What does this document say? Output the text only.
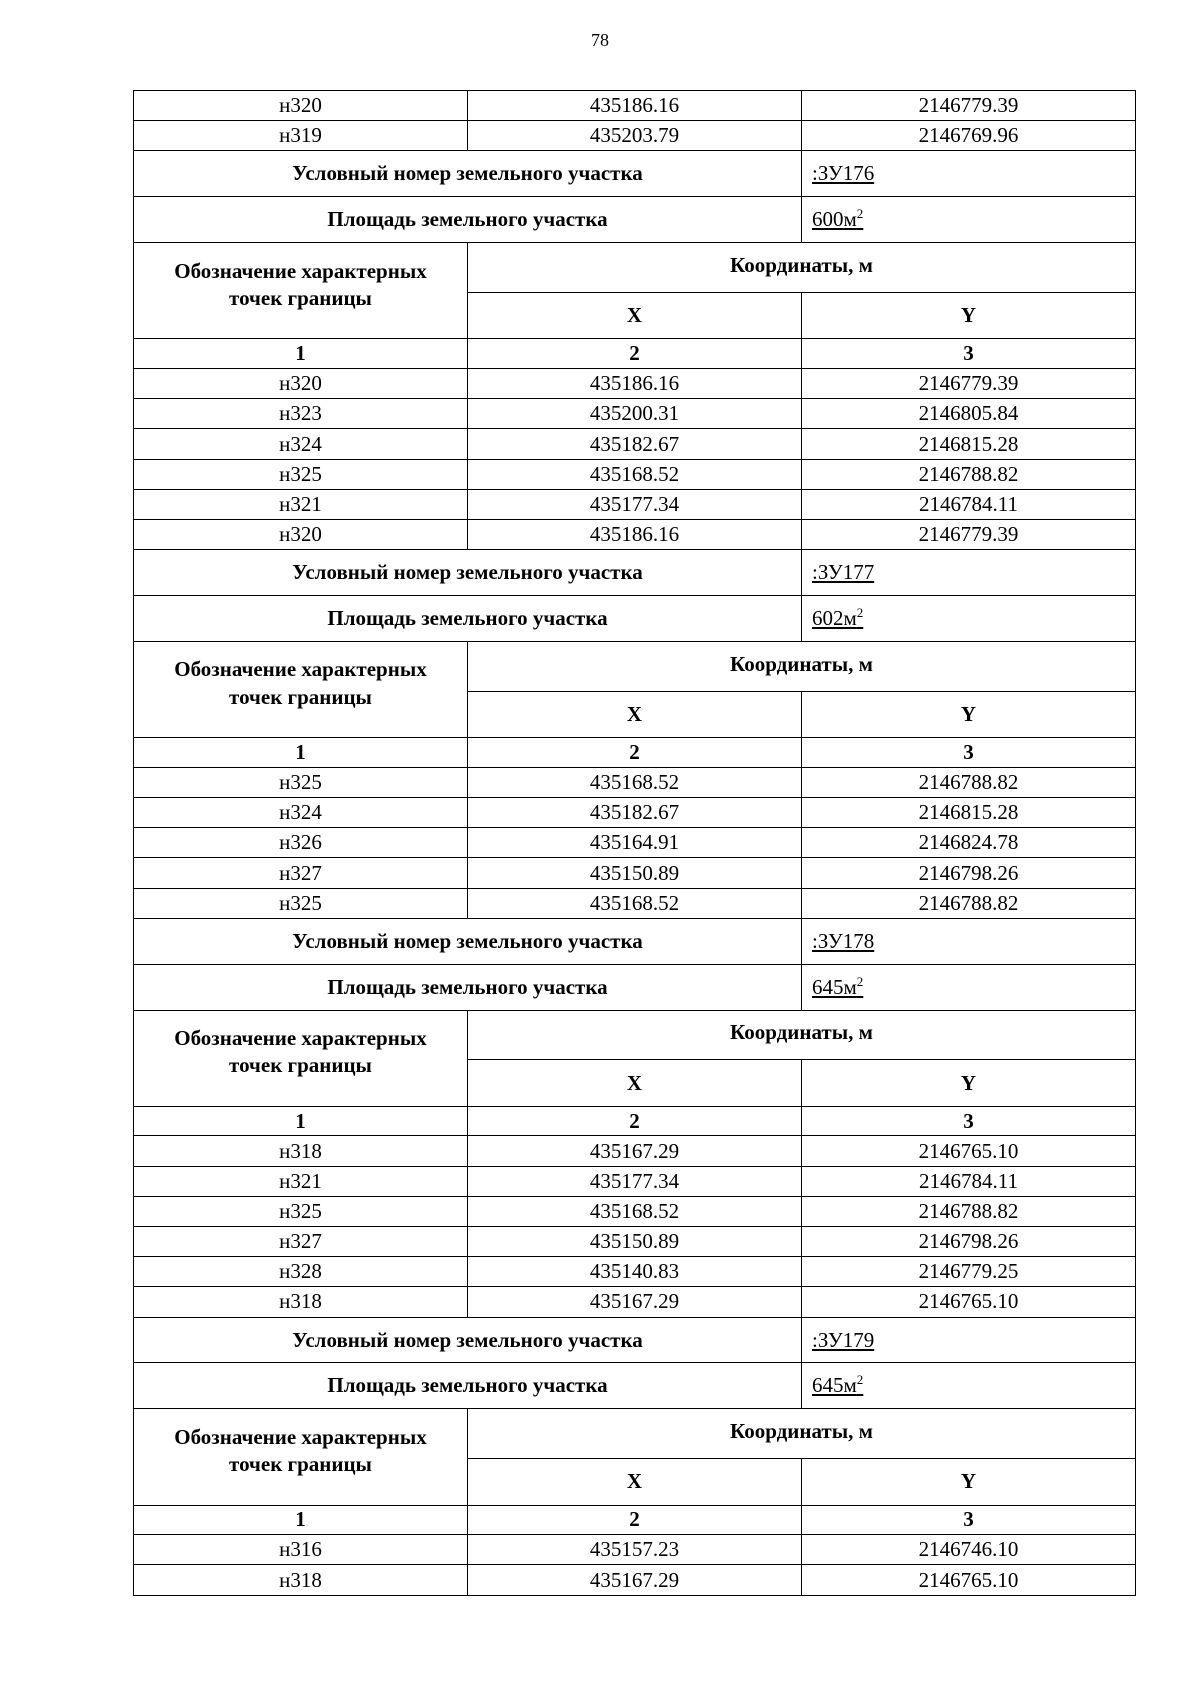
78
н320	435186.16	2146779.39
н319	435203.79	2146769.96
Условный номер земельного участка		:ЗУ176
Площадь земельного участка		$600м^2$

Обозначение характерных
точек границы	Координаты, м	
	X	Y
1	2	3
н320	435186.16	2146779.39
н323	435200.31	2146805.84
н324	435182.67	2146815.28
н325	435168.52	2146788.82
н321	435177.34	2146784.11
н320	435186.16	2146779.39
Условный номер земельного участка		:ЗУ177
Площадь земельного участка		$602м^2$

Обозначение характерных
точек границы	Координаты, м	
	X	Y
1	2	3
н325	435168.52	2146788.82
н324	435182.67	2146815.28
н326	435164.91	2146824.78
н327	435150.89	2146798.26
н325	435168.52	2146788.82
Условный номер земельного участка		:ЗУ178
Площадь земельного участка		$645м^2$

Обозначение характерных
точек границы	Координаты, м	
	X	Y
1	2	3
н318	435167.29	2146765.10
н321	435177.34	2146784.11
н325	435168.52	2146788.82
н327	435150.89	2146798.26
н328	435140.83	2146779.25
н318	435167.29	2146765.10
Условный номер земельного участка		:ЗУ179
Площадь земельного участка		$645м^2$

Обозначение характерных
точек границы	Координаты, м	
	X	Y
1	2	3
н316	435157.23	2146746.10
н318	435167.29	2146765.10
